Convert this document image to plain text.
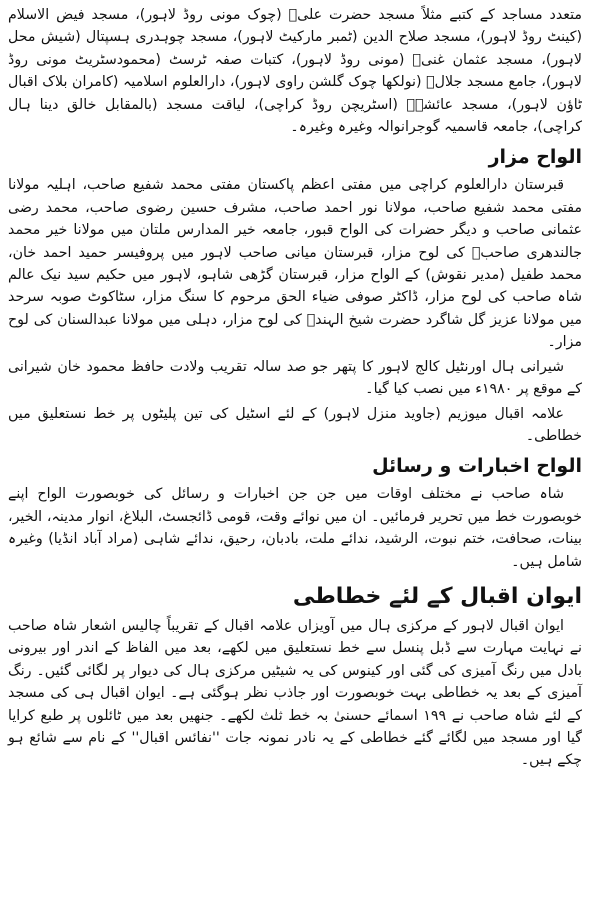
متعدد مساجد کے کتبے مثلاً مسجد حضرت علیؓ (چوک مونی روڈ لاہور)، مسجد فیض الاسلام (کینٹ روڈ لاہور)، مسجد صلاح الدین (ٹمبر مارکیٹ لاہور)، مسجد چوہدری ہسپتال (شیش محل لاہور)، مسجد عثمان غنیؓ (مونی روڈ لاہور)، کتبات صفہ ٹرسٹ (محمودسٹریٹ مونی روڈ لاہور)، جامع مسجد جلالؒ (نولکھا چوک گلشن راوی لاہور)، دارالعلوم اسلامیہ (کامران بلاک اقبال ٹاؤن لاہور)، مسجد عائشہؓ (اسٹریچن روڈ کراچی)، لیاقت مسجد (بالمقابل خالق دینا ہال کراچی)، جامعہ قاسمیہ گوجرانوالہ وغیرہ وغیرہ۔

الواح مزار

قبرستان دارالعلوم کراچی میں مفتی اعظم پاکستان مفتی محمد شفیع صاحب، اہلیہ مولانا مفتی محمد شفیع صاحب، مولانا نور احمد صاحب، مشرف حسین رضوی صاحب، محمد رضی عثمانی صاحب و دیگر حضرات کی الواح قبور، جامعہ خیر المدارس ملتان میں مولانا خیر محمد جالندھری صاحبؒ کی لوح مزار، قبرستان میانی صاحب لاہور میں پروفیسر حمید احمد خان، محمد طفیل (مدیر نقوش) کے الواح مزار، قبرستان گڑھی شاہو، لاہور میں حکیم سید نیک عالم شاہ صاحب کی لوح مزار، ڈاکٹر صوفی ضیاء الحق مرحوم کا سنگ مزار، سٹاکوٹ صوبہ سرحد میں مولانا عزیز گل شاگرد حضرت شیخ الہندؒ کی لوح مزار، دہلی میں مولانا عبدالسنان کی لوح مزار۔

شیرانی ہال اورنٹیل کالج لاہور کا پتھر جو صد سالہ تقریب ولادت حافظ محمود خان شیرانی کے موقع پر ۱۹۸۰ء میں نصب کیا گیا۔

علامہ اقبال میوزیم (جاوید منزل لاہور) کے لئے اسٹیل کی تین پلیٹوں پر خط نستعلیق میں خطاطی۔

الواح اخبارات و رسائل

شاہ صاحب نے مختلف اوقات میں جن جن اخبارات و رسائل کی خوبصورت الواح اپنے خوبصورت خط میں تحریر فرمائیں۔ ان میں نوائے وقت، قومی ڈائجسٹ، البلاغ، انوار مدینہ، الخیر، بینات، صحافت، ختم نبوت، الرشید، ندائے ملت، بادبان، رحیق، ندائے شاہی (مراد آباد انڈیا) وغیرہ شامل ہیں۔

ایوان اقبال کے لئے خطاطی

ایوان اقبال لاہور کے مرکزی ہال میں آویزاں علامہ اقبال کے تقریباً چالیس اشعار شاہ صاحب نے نہایت مہارت سے ڈبل پنسل سے خط نستعلیق میں لکھے، بعد میں الفاظ کے اندر اور بیرونی بادل میں رنگ آمیزی کی گئی اور کینوس کی یہ شیٹیں مرکزی ہال کی دیوار پر لگائی گئیں۔ رنگ آمیزی کے بعد یہ خطاطی بہت خوبصورت اور جاذب نظر ہوگئی ہے۔ ایوان اقبال ہی کی مسجد کے لئے شاہ صاحب نے ۱۹۹ اسمائے حسنیٰ بہ خط ثلث لکھے۔ جنھیں بعد میں ٹائلوں پر طبع کرایا گیا اور مسجد میں لگائے گئے خطاطی کے یہ نادر نمونہ جات ''نفائس اقبال'' کے نام سے شائع ہو چکے ہیں۔
